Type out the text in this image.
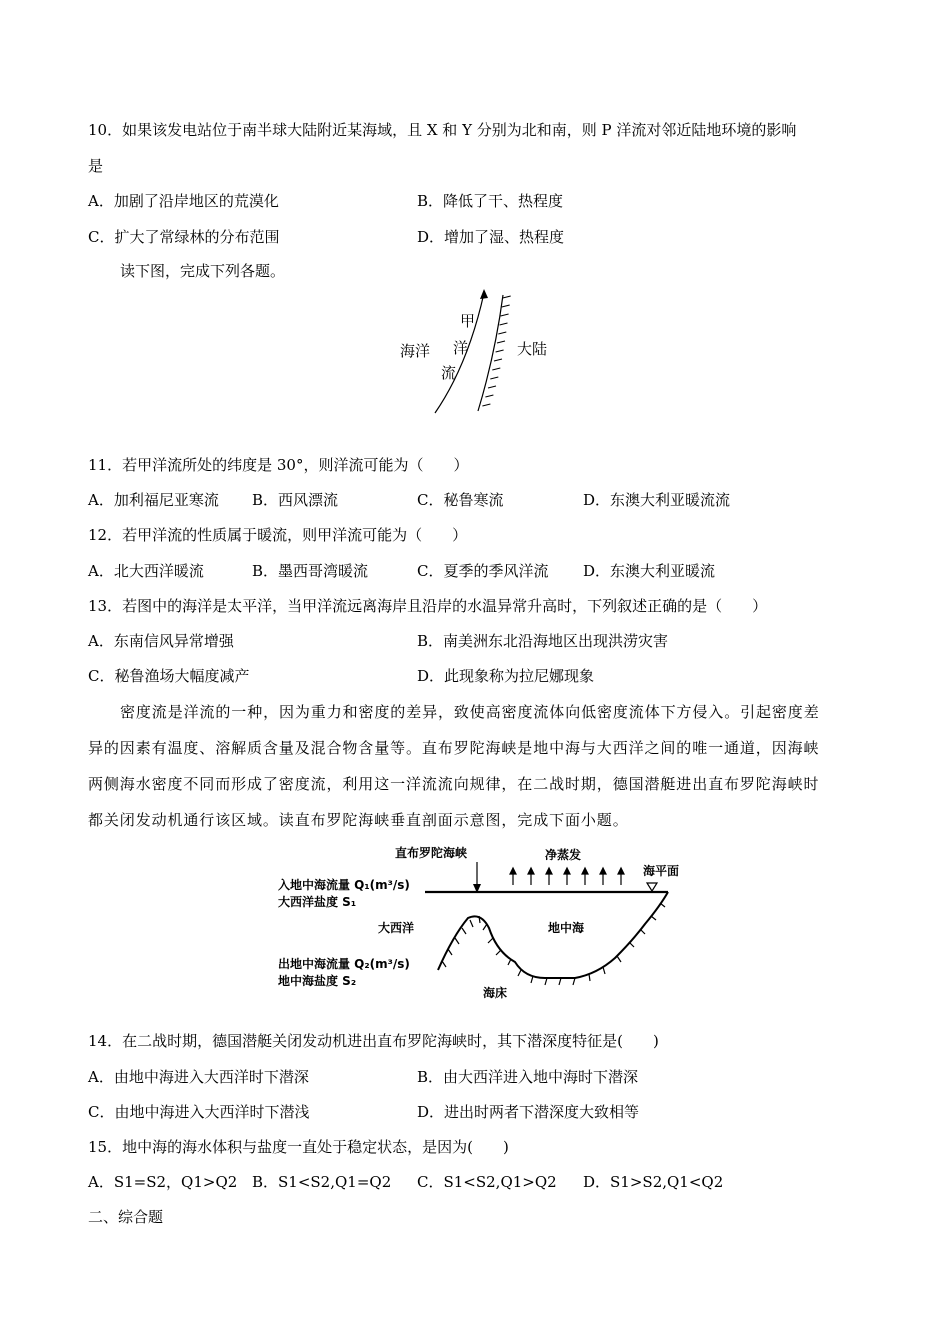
10．如果该发电站位于南半球大陆附近某海域，且 X 和 Y 分别为北和南，则 P 洋流对邻近陆地环境的影响
是
A．加剧了沿岸地区的荒漠化	B．降低了干、热程度
C．扩大了常绿林的分布范围	D．增加了湿、热程度
读下图，完成下列各题。
海洋
甲
洋
流
大陆
11．若甲洋流所处的纬度是 30°，则洋流可能为（　　）
A．加利福尼亚寒流 B．西风漂流	C．秘鲁寒流	D．东澳大利亚暖流流
12．若甲洋流的性质属于暖流，则甲洋流可能为（　　）
A．北大西洋暖流	B．墨西哥湾暖流	C．夏季的季风洋流 D．东澳大利亚暖流
13．若图中的海洋是太平洋，当甲洋流远离海岸且沿岸的水温异常升高时，下列叙述正确的是（　　）
A．东南信风异常增强	B．南美洲东北沿海地区出现洪涝灾害
C．秘鲁渔场大幅度减产	D．此现象称为拉尼娜现象
密度流是洋流的一种，因为重力和密度的差异，致使高密度流体向低密度流体下方侵入。引起密度差
异的因素有温度、溶解质含量及混合物含量等。直布罗陀海峡是地中海与大西洋之间的唯一通道，因海峡
两侧海水密度不同而形成了密度流，利用这一洋流流向规律，在二战时期，德国潜艇进出直布罗陀海峡时
都关闭发动机通行该区域。读直布罗陀海峡垂直剖面示意图，完成下面小题。
直布罗陀海峡	净蒸发
海平面
入地中海流量 Q₁(m³/s)
大西洋盐度 S₁
大西洋	地中海
出地中海流量 Q₂(m³/s)
地中海盐度 S₂
海床
14．在二战时期，德国潜艇关闭发动机进出直布罗陀海峡时，其下潜深度特征是(　　)
A．由地中海进入大西洋时下潜深	B．由大西洋进入地中海时下潜深
C．由地中海进入大西洋时下潜浅	D．进出时两者下潜深度大致相等
15．地中海的海水体积与盐度一直处于稳定状态，是因为(　　)
A．S1=S2，Q1>Q2 B．S1<S2,Q1=Q2 C．S1<S2,Q1>Q2 D．S1>S2,Q1<Q2
二、综合题
